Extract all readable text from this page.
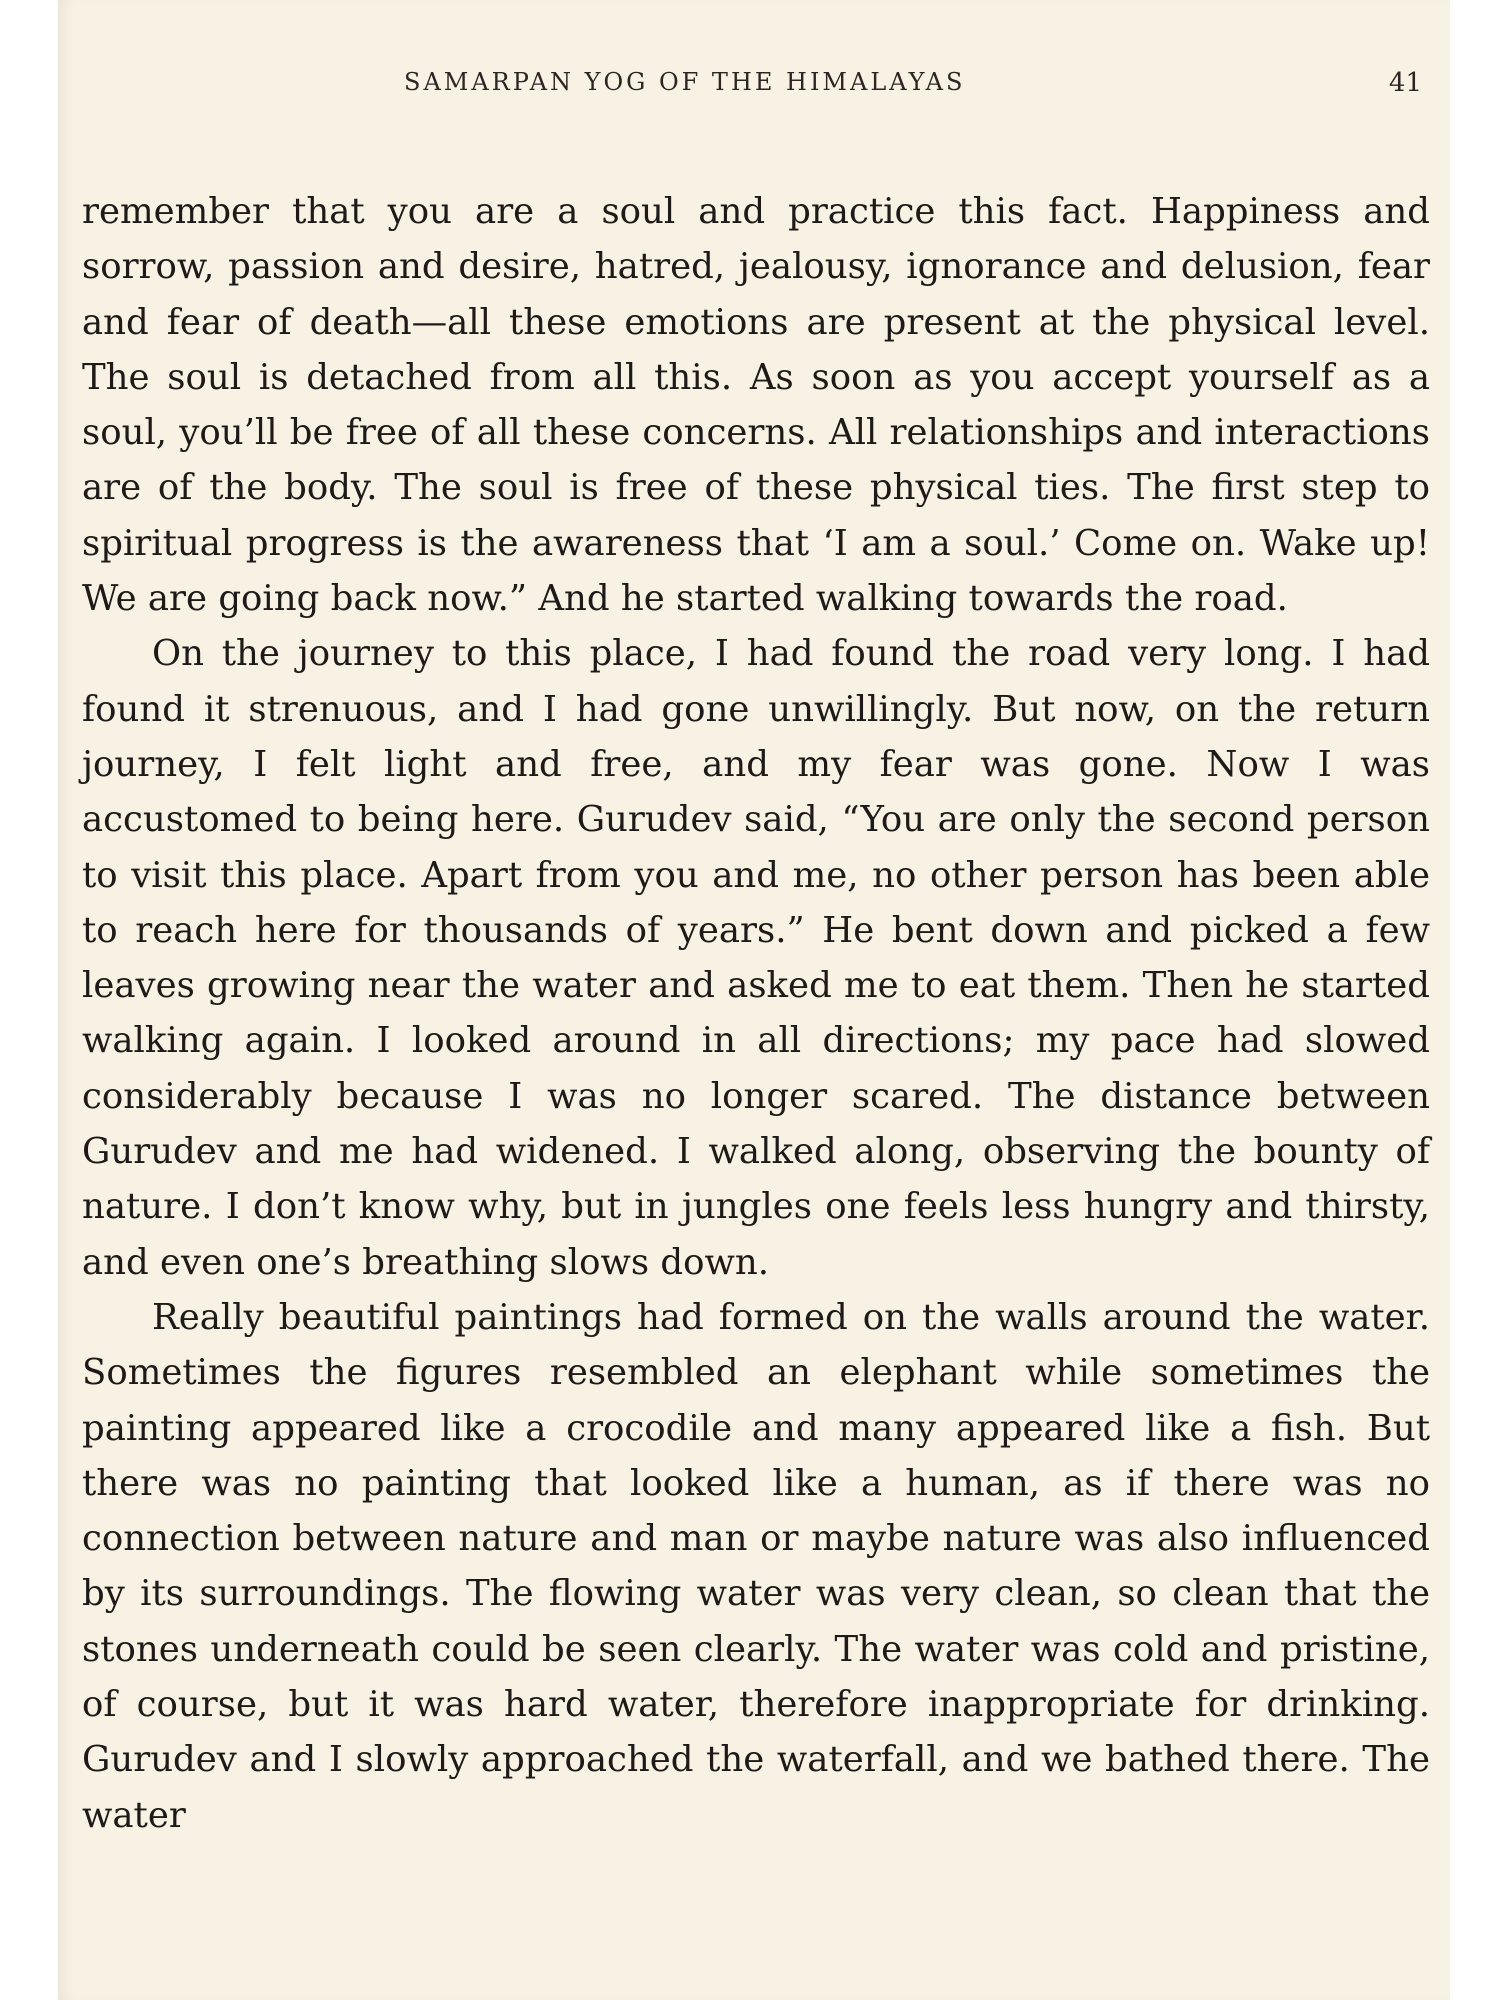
SAMARPAN YOG OF THE HIMALAYAS	41

remember that you are a soul and practice this fact. Happiness and sorrow, passion and desire, hatred, jealousy, ignorance and delusion, fear and fear of death—all these emotions are present at the physical level. The soul is detached from all this. As soon as you accept yourself as a soul, you’ll be free of all these concerns. All relationships and interactions are of the body. The soul is free of these physical ties. The first step to spiritual progress is the awareness that ‘I am a soul.’ Come on. Wake up! We are going back now.” And he started walking towards the road.

On the journey to this place, I had found the road very long. I had found it strenuous, and I had gone unwillingly. But now, on the return journey, I felt light and free, and my fear was gone. Now I was accustomed to being here. Gurudev said, “You are only the second person to visit this place. Apart from you and me, no other person has been able to reach here for thousands of years.” He bent down and picked a few leaves growing near the water and asked me to eat them. Then he started walking again. I looked around in all directions; my pace had slowed considerably because I was no longer scared. The distance between Gurudev and me had widened. I walked along, observing the bounty of nature. I don’t know why, but in jungles one feels less hungry and thirsty, and even one’s breathing slows down.

Really beautiful paintings had formed on the walls around the water. Sometimes the figures resembled an elephant while sometimes the painting appeared like a crocodile and many appeared like a fish. But there was no painting that looked like a human, as if there was no connection between nature and man or maybe nature was also influenced by its surroundings. The flowing water was very clean, so clean that the stones underneath could be seen clearly. The water was cold and pristine, of course, but it was hard water, therefore inappropriate for drinking. Gurudev and I slowly approached the waterfall, and we bathed there. The water
